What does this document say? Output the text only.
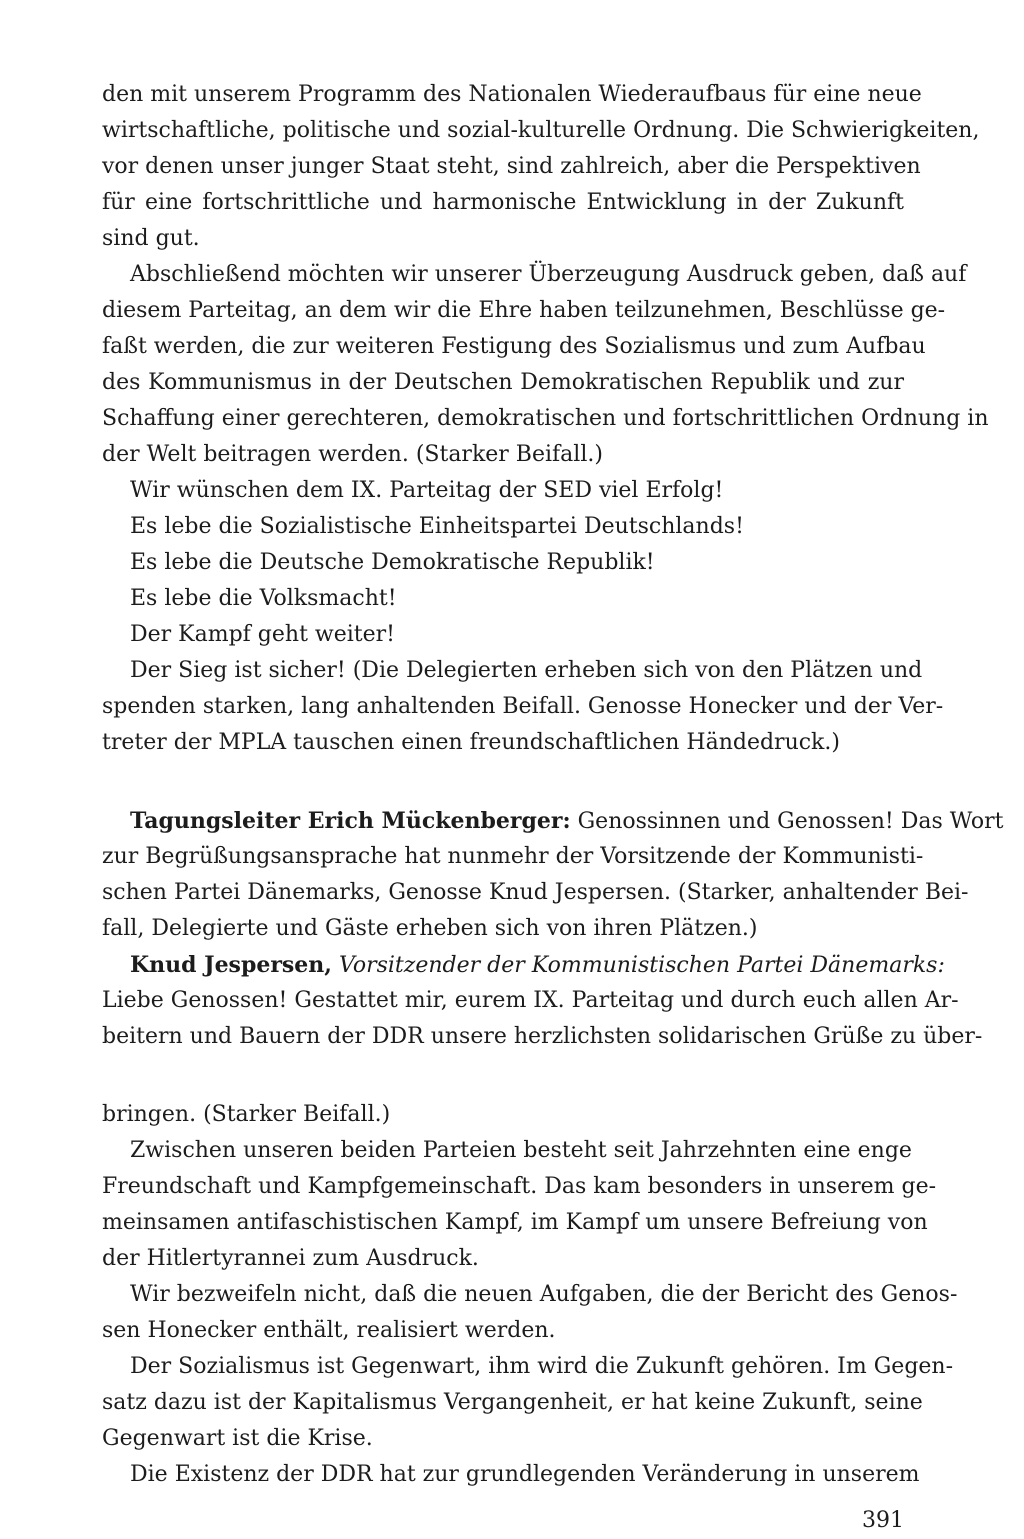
den mit unserem Programm des Nationalen Wiederaufbaus für eine neue
wirtschaftliche, politische und sozial-kulturelle Ordnung. Die Schwierigkeiten,
vor denen unser junger Staat steht, sind zahlreich, aber die Perspektiven
für eine fortschrittliche und harmonische Entwicklung in der Zukunft
sind gut.
Abschließend möchten wir unserer Überzeugung Ausdruck geben, daß auf
diesem Parteitag, an dem wir die Ehre haben teilzunehmen, Beschlüsse ge-
faßt werden, die zur weiteren Festigung des Sozialismus und zum Aufbau
des Kommunismus in der Deutschen Demokratischen Republik und zur
Schaffung einer gerechteren, demokratischen und fortschrittlichen Ordnung in
der Welt beitragen werden. (Starker Beifall.)
Wir wünschen dem IX. Parteitag der SED viel Erfolg!
Es lebe die Sozialistische Einheitspartei Deutschlands!
Es lebe die Deutsche Demokratische Republik!
Es lebe die Volksmacht!
Der Kampf geht weiter!
Der Sieg ist sicher! (Die Delegierten erheben sich von den Plätzen und
spenden starken, lang anhaltenden Beifall. Genosse Honecker und der Ver-
treter der MPLA tauschen einen freundschaftlichen Händedruck.)
Tagungsleiter Erich Mückenberger: Genossinnen und Genossen! Das Wort
zur Begrüßungsansprache hat nunmehr der Vorsitzende der Kommunisti-
schen Partei Dänemarks, Genosse Knud Jespersen. (Starker, anhaltender Bei-
fall, Delegierte und Gäste erheben sich von ihren Plätzen.)
Knud Jespersen, Vorsitzender der Kommunistischen Partei Dänemarks:
Liebe Genossen! Gestattet mir, eurem IX. Parteitag und durch euch allen Ar-
beitern und Bauern der DDR unsere herzlichsten solidarischen Grüße zu über-
bringen. (Starker Beifall.)
Zwischen unseren beiden Parteien besteht seit Jahrzehnten eine enge
Freundschaft und Kampfgemeinschaft. Das kam besonders in unserem ge-
meinsamen antifaschistischen Kampf, im Kampf um unsere Befreiung von
der Hitlertyrannei zum Ausdruck.
Wir bezweifeln nicht, daß die neuen Aufgaben, die der Bericht des Genos-
sen Honecker enthält, realisiert werden.
Der Sozialismus ist Gegenwart, ihm wird die Zukunft gehören. Im Gegen-
satz dazu ist der Kapitalismus Vergangenheit, er hat keine Zukunft, seine
Gegenwart ist die Krise.
Die Existenz der DDR hat zur grundlegenden Veränderung in unserem
391
